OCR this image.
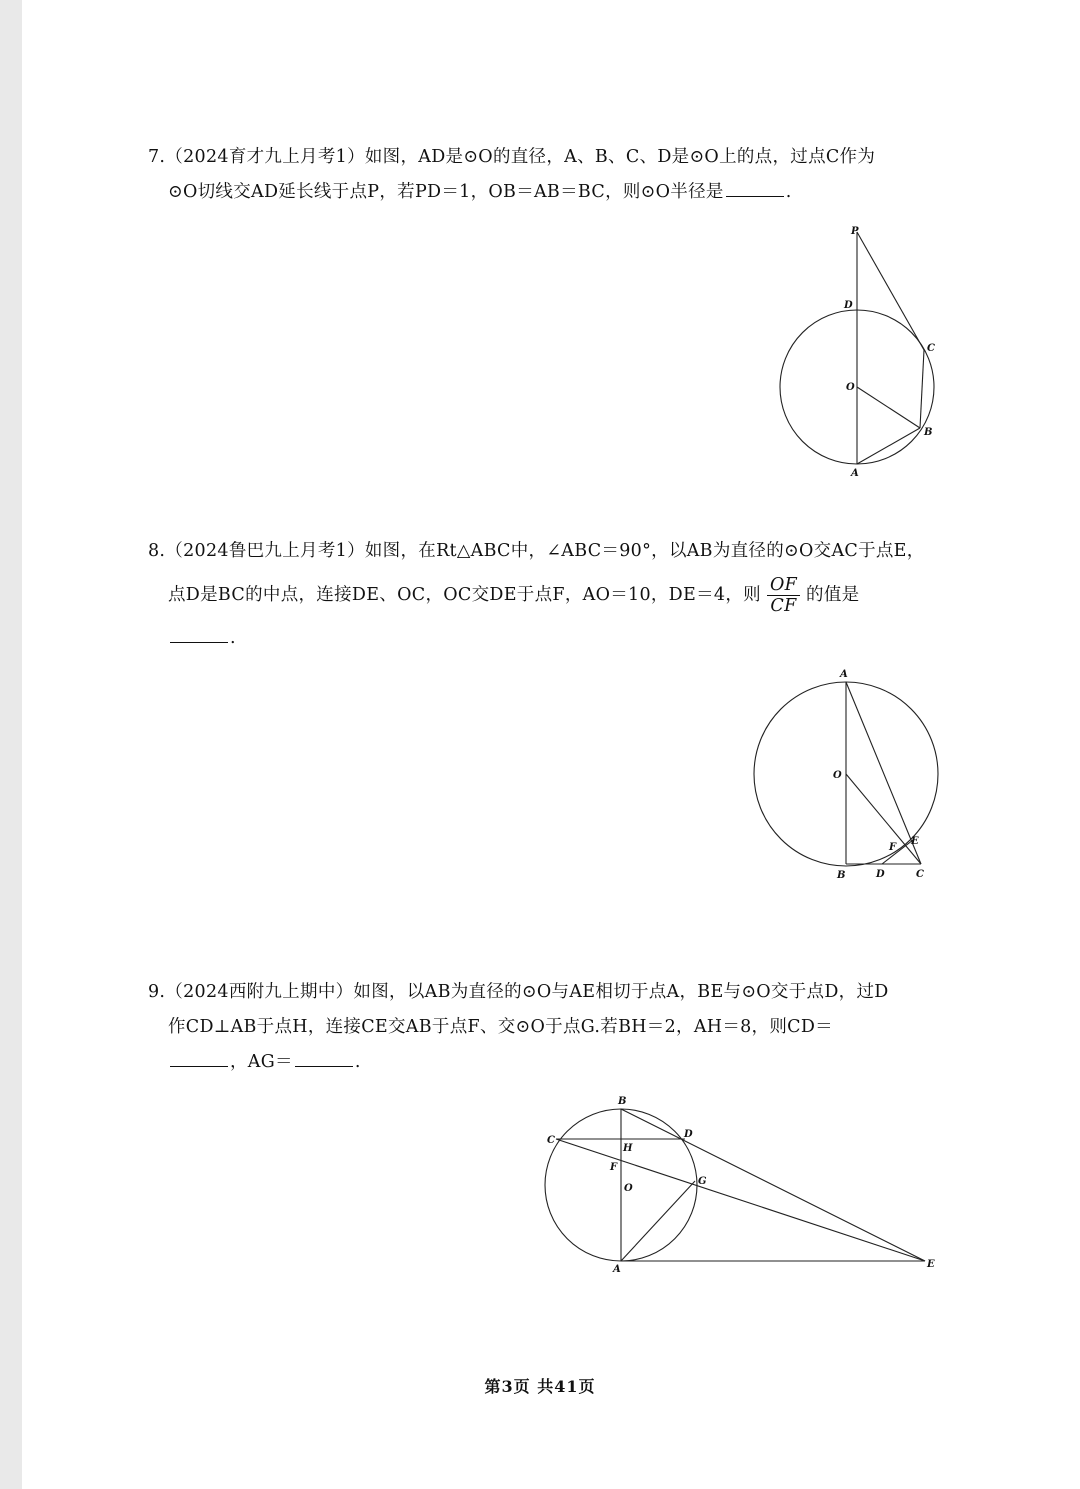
7.（2024育才九上月考1）如图，AD是⊙O的直径，A、B、C、D是⊙O上的点，过点C作为
⊙O切线交AD延长线于点P，若PD＝1，OB＝AB＝BC，则⊙O半径是	.
P
D
C
O
B
A
8.（2024鲁巴九上月考1）如图，在Rt△ABC中，∠ABC＝90°，以AB为直径的⊙O交AC于点E，
点D是BC的中点，连接DE、OC，OC交DE于点F，AO＝10，DE＝4，则 $\frac{OF}{CF}$ 的值是
.
A
O
E
F
B	D	C
9.（2024西附九上期中）如图，以AB为直径的⊙O与AE相切于点A，BE与⊙O交于点D，过D
作CD⊥AB于点H，连接CE交AB于点F、交⊙O于点G.若BH＝2，AH＝8，则CD＝
，AG＝	.
B
C
D
H
F
O
G
A	E
第3页 共41页
